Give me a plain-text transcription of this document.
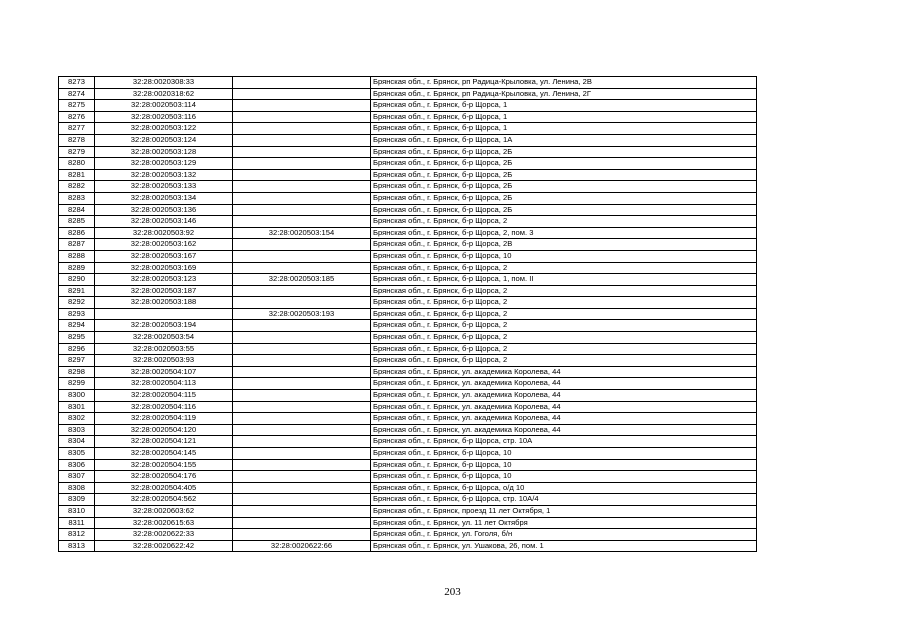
8273	32:28:0020308:33		Брянская обл., г. Брянск, рп Радица-Крыловка, ул. Ленина, 2В
8274	32:28:0020318:62		Брянская обл., г. Брянск, рп Радица-Крыловка, ул. Ленина, 2Г
8275	32:28:0020503:114		Брянская обл., г. Брянск, б-р Щорса, 1
8276	32:28:0020503:116		Брянская обл., г. Брянск, б-р Щорса, 1
8277	32:28:0020503:122		Брянская обл., г. Брянск, б-р Щорса, 1
8278	32:28:0020503:124		Брянская обл., г. Брянск, б-р Щорса, 1А
8279	32:28:0020503:128		Брянская обл., г. Брянск, б-р Щорса, 2Б
8280	32:28:0020503:129		Брянская обл., г. Брянск, б-р Щорса, 2Б
8281	32:28:0020503:132		Брянская обл., г. Брянск, б-р Щорса, 2Б
8282	32:28:0020503:133		Брянская обл., г. Брянск, б-р Щорса, 2Б
8283	32:28:0020503:134		Брянская обл., г. Брянск, б-р Щорса, 2Б
8284	32:28:0020503:136		Брянская обл., г. Брянск, б-р Щорса, 2Б
8285	32:28:0020503:146		Брянская обл., г. Брянск, б-р Щорса, 2
8286	32:28:0020503:92	32:28:0020503:154	Брянская обл., г. Брянск, б-р Щорса, 2, пом. 3
8287	32:28:0020503:162		Брянская обл., г. Брянск, б-р Щорса, 2В
8288	32:28:0020503:167		Брянская обл., г. Брянск, б-р Щорса, 10
8289	32:28:0020503:169		Брянская обл., г. Брянск, б-р Щорса, 2
8290	32:28:0020503:123	32:28:0020503:185	Брянская обл., г. Брянск, б-р Щорса, 1, пом. II
8291	32:28:0020503:187		Брянская обл., г. Брянск, б-р Щорса, 2
8292	32:28:0020503:188		Брянская обл., г. Брянск, б-р Щорса, 2
8293		32:28:0020503:193	Брянская обл., г. Брянск, б-р Щорса, 2
8294	32:28:0020503:194		Брянская обл., г. Брянск, б-р Щорса, 2
8295	32:28:0020503:54		Брянская обл., г. Брянск, б-р Щорса, 2
8296	32:28:0020503:55		Брянская обл., г. Брянск, б-р Щорса, 2
8297	32:28:0020503:93		Брянская обл., г. Брянск, б-р Щорса, 2
8298	32:28:0020504:107		Брянская обл., г. Брянск, ул. академика Королева, 44
8299	32:28:0020504:113		Брянская обл., г. Брянск, ул. академика Королева, 44
8300	32:28:0020504:115		Брянская обл., г. Брянск, ул. академика Королева, 44
8301	32:28:0020504:116		Брянская обл., г. Брянск, ул. академика Королева, 44
8302	32:28:0020504:119		Брянская обл., г. Брянск, ул. академика Королева, 44
8303	32:28:0020504:120		Брянская обл., г. Брянск, ул. академика Королева, 44
8304	32:28:0020504:121		Брянская обл., г. Брянск, б-р Щорса, стр. 10А
8305	32:28:0020504:145		Брянская обл., г. Брянск, б-р Щорса, 10
8306	32:28:0020504:155		Брянская обл., г. Брянск, б-р Щорса, 10
8307	32:28:0020504:176		Брянская обл., г. Брянск, б-р Щорса, 10
8308	32:28:0020504:405		Брянская обл., г. Брянск, б-р Щорса, о/д 10
8309	32:28:0020504:562		Брянская обл., г. Брянск, б-р Щорса, стр. 10А/4
8310	32:28:0020603:62		Брянская обл., г. Брянск, проезд 11 лет Октября, 1
8311	32:28:0020615:63		Брянская обл., г. Брянск, ул. 11 лет Октября
8312	32:28:0020622:33		Брянская обл., г. Брянск, ул. Гоголя, б/н
8313	32:28:0020622:42	32:28:0020622:66	Брянская обл., г. Брянск, ул. Ушакова, 26, пом. 1
203
